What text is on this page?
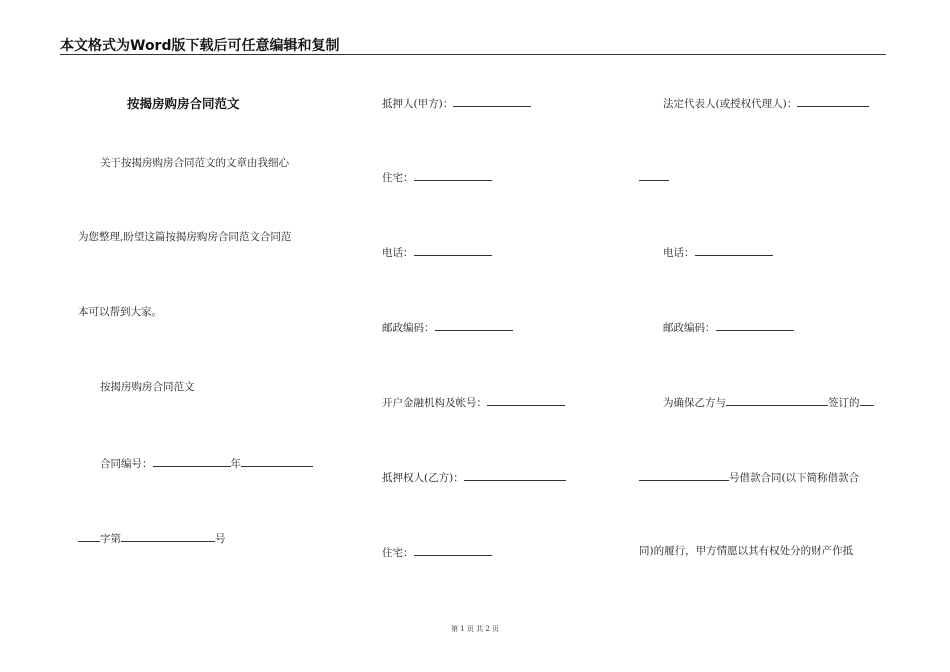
本文格式为Word版下载后可任意编辑和复制
按揭房购房合同范文
关于按揭房购房合同范文的文章由我细心
为您整理,盼望这篇按揭房购房合同范文合同范
本可以帮到大家。
按揭房购房合同范文
合同编号：	年
字第	号
抵押人(甲方)：
住宅：
电话：
邮政编码：
开户金融机构及帐号：
抵押权人(乙方)：
住宅：
法定代表人(或授权代理人)：
电话：
邮政编码：
为确保乙方与	签订的
号借款合同(以下简称借款合
同)的履行，甲方情愿以其有权处分的财产作抵
第 1 页 共 2 页
